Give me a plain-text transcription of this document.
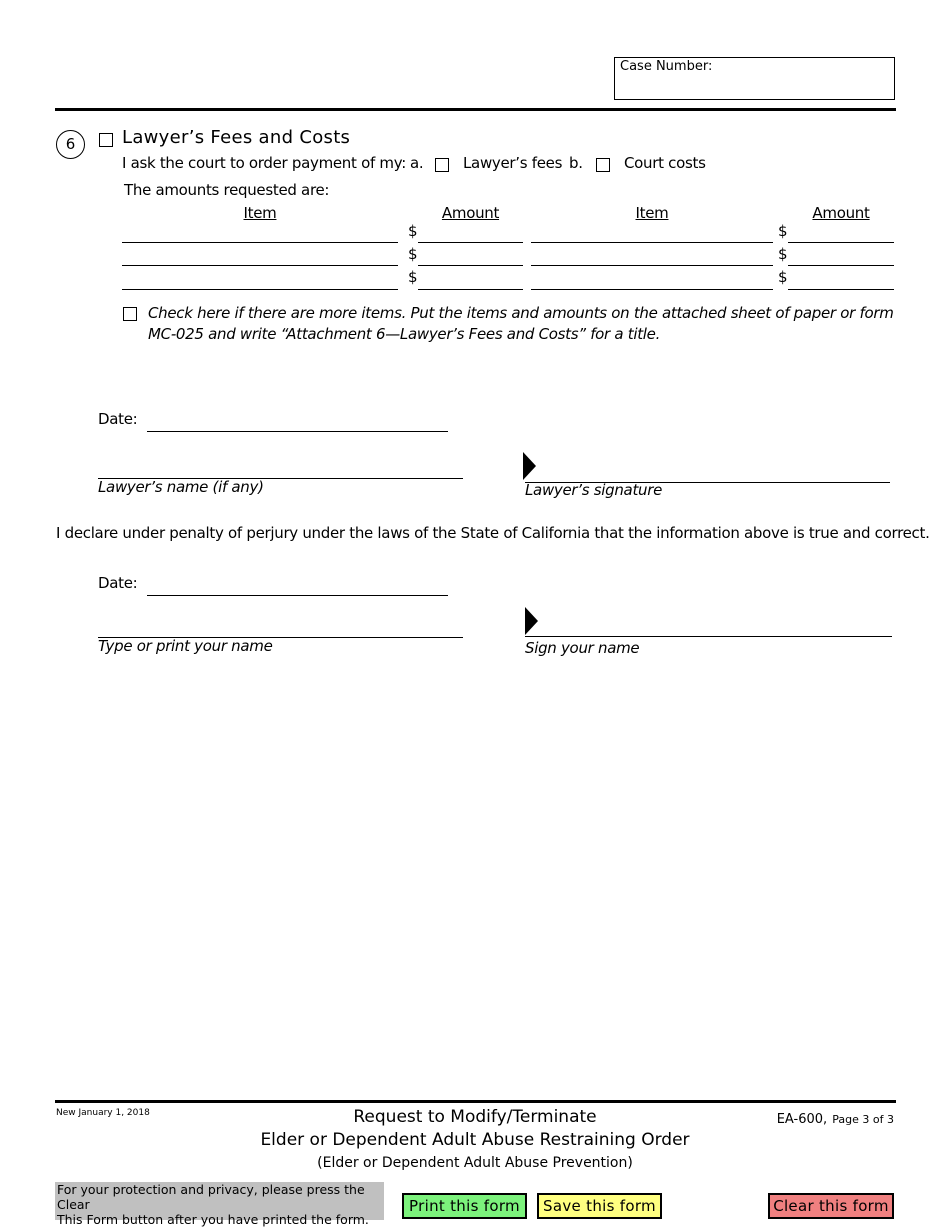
Case Number:
6	Lawyer’s Fees and Costs
I ask the court to order payment of my: a.	Lawyer’s fees b.	Court costs
The amounts requested are:
Item	Amount	Item	Amount
$	$
$	$
$	$
Check here if there are more items. Put the items and amounts on the attached sheet of paper or form
MC-025 and write “Attachment 6—Lawyer’s Fees and Costs” for a title.
Date:
Lawyer’s name (if any)	Lawyer’s signature
I declare under penalty of perjury under the laws of the State of California that the information above is true and correct.
Date:
Type or print your name	Sign your name
New January 1, 2018	Request to Modify/Terminate
Elder or Dependent Adult Abuse Restraining Order
(Elder or Dependent Adult Abuse Prevention)
EA-600, Page 3 of 3
For your protection and privacy, please press the Clear
This Form button after you have printed the form.
Print this form	Save this form	Clear this form
